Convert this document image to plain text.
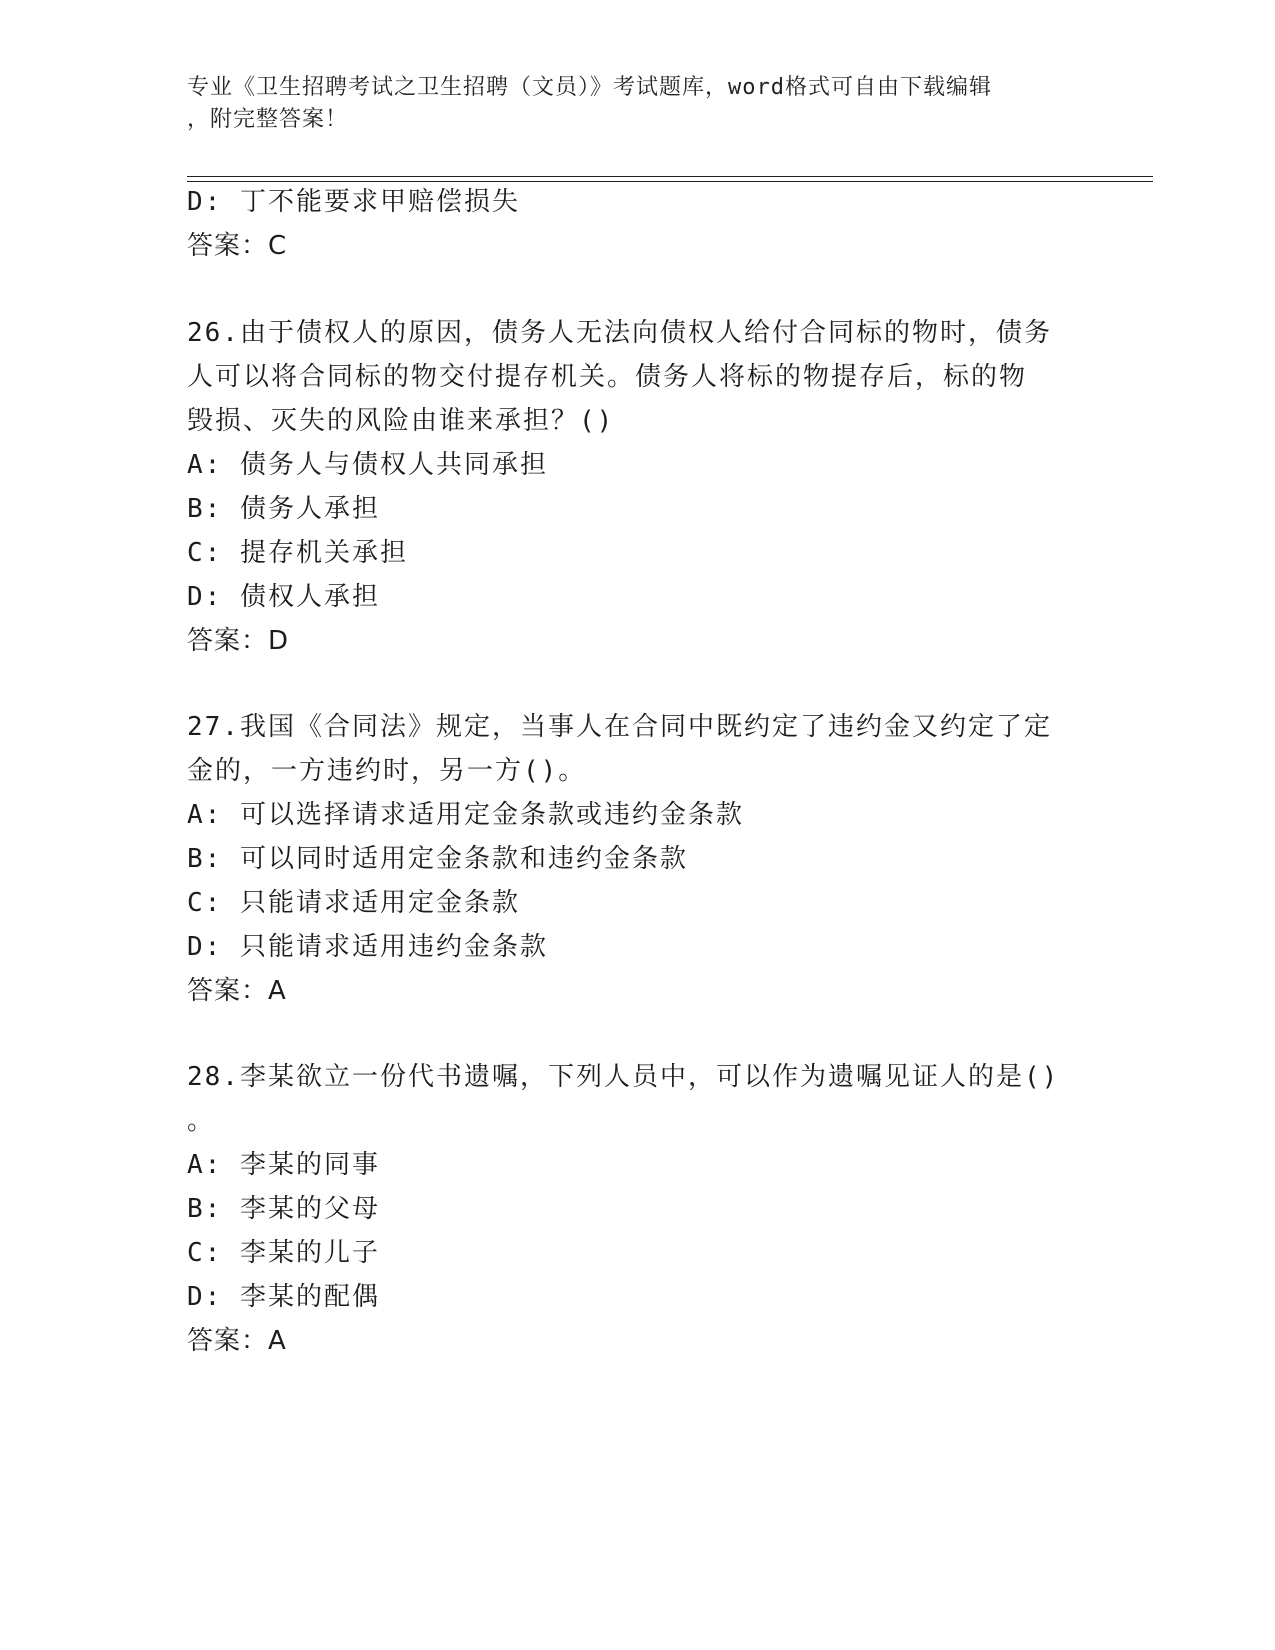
专业《卫生招聘考试之卫生招聘（文员）》考试题库，word格式可自由下载编辑
，附完整答案！
D: 丁不能要求甲赔偿损失
答案：C
26.由于债权人的原因，债务人无法向债权人给付合同标的物时，债务
人可以将合同标的物交付提存机关。债务人将标的物提存后，标的物
毁损、灭失的风险由谁来承担？()
A: 债务人与债权人共同承担
B: 债务人承担
C: 提存机关承担
D: 债权人承担
答案：D
27.我国《合同法》规定，当事人在合同中既约定了违约金又约定了定
金的，一方违约时，另一方()。
A: 可以选择请求适用定金条款或违约金条款
B: 可以同时适用定金条款和违约金条款
C: 只能请求适用定金条款
D: 只能请求适用违约金条款
答案：A
28.李某欲立一份代书遗嘱，下列人员中，可以作为遗嘱见证人的是()
。
A: 李某的同事
B: 李某的父母
C: 李某的儿子
D: 李某的配偶
答案：A
